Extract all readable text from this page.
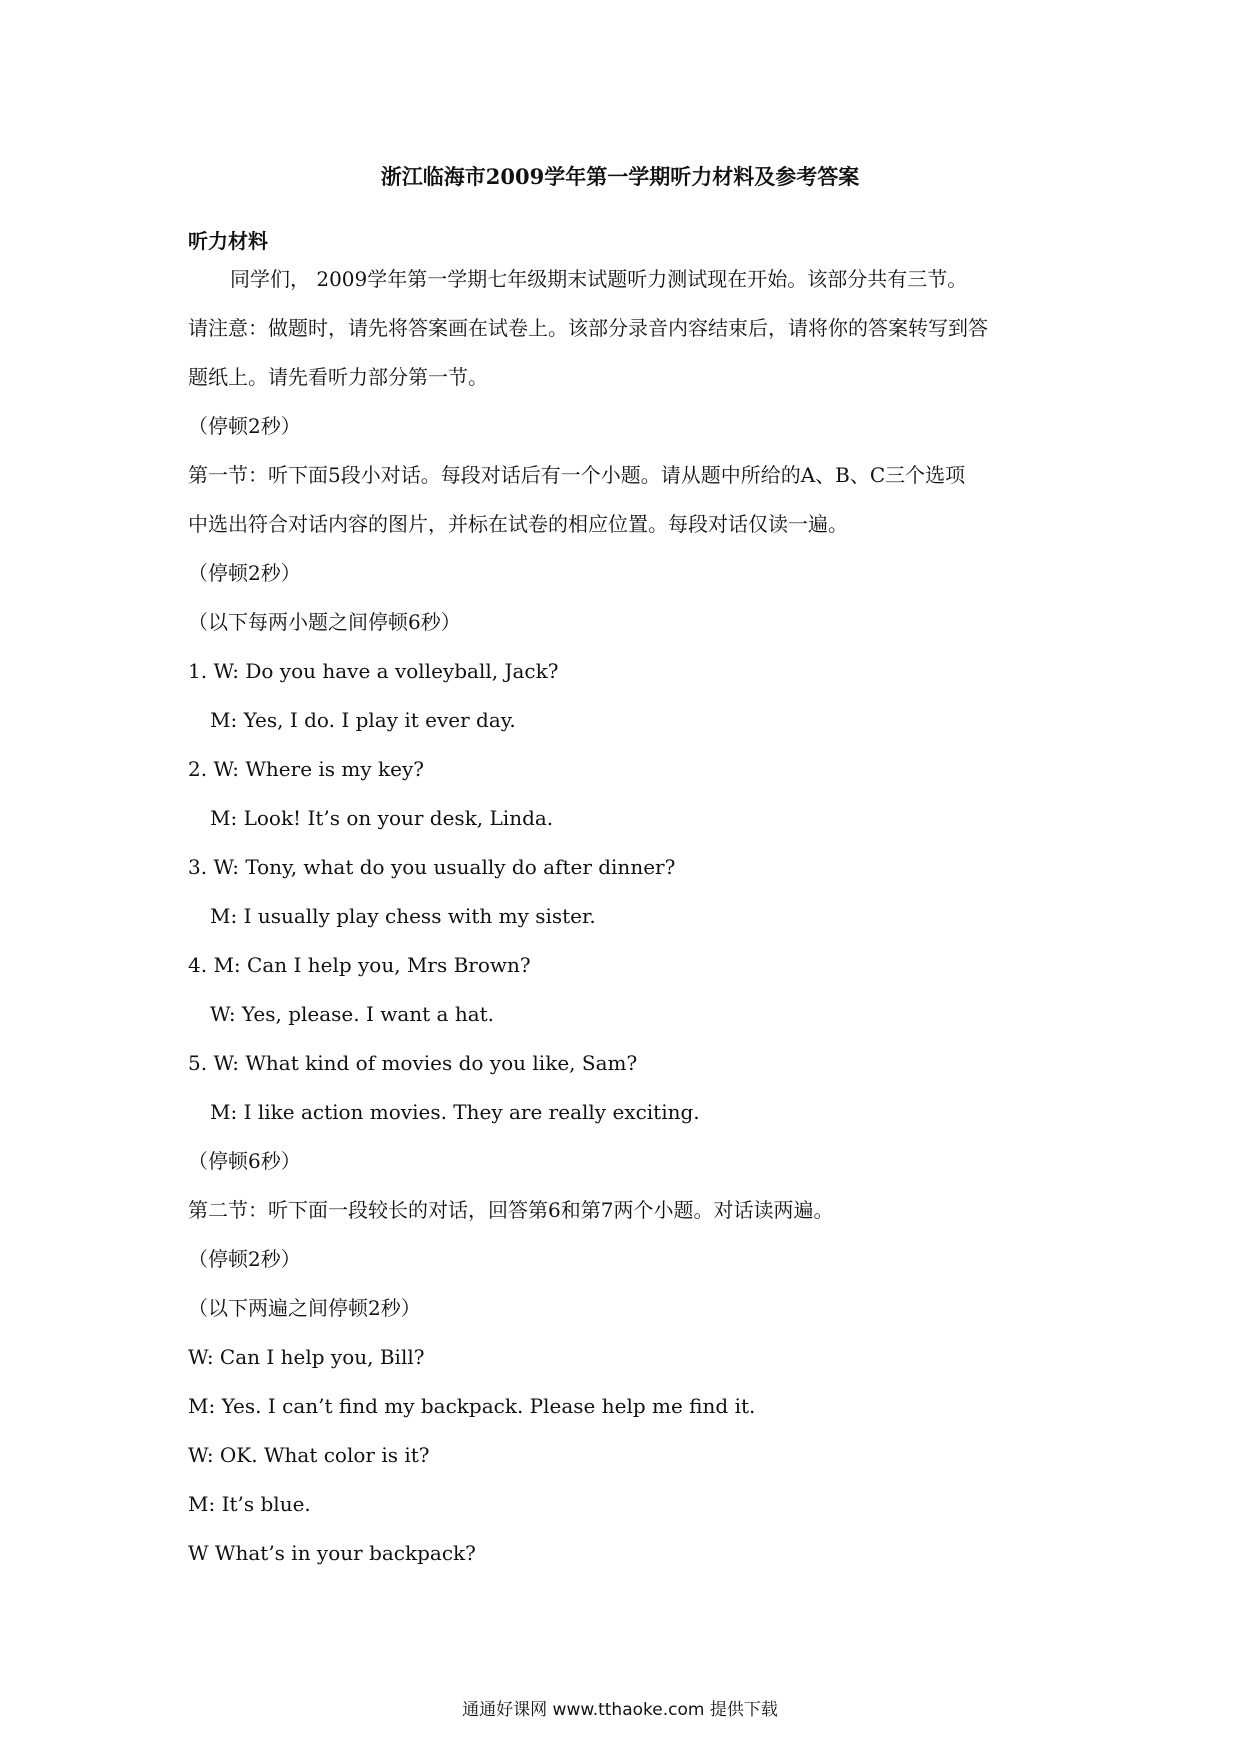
浙江临海市2009学年第一学期听力材料及参考答案
听力材料
同学们， 2009学年第一学期七年级期末试题听力测试现在开始。该部分共有三节。
请注意：做题时，请先将答案画在试卷上。该部分录音内容结束后，请将你的答案转写到答
题纸上。请先看听力部分第一节。
（停顿2秒）
第一节：听下面5段小对话。每段对话后有一个小题。请从题中所给的A、B、C三个选项
中选出符合对话内容的图片，并标在试卷的相应位置。每段对话仅读一遍。
（停顿2秒）
（以下每两小题之间停顿6秒）
1. W: Do you have a volleyball, Jack?
M: Yes, I do. I play it ever day.
2. W: Where is my key?
M: Look! It’s on your desk, Linda.
3. W: Tony, what do you usually do after dinner?
M: I usually play chess with my sister.
4. M: Can I help you, Mrs Brown?
W: Yes, please. I want a hat.
5. W: What kind of movies do you like, Sam?
M: I like action movies. They are really exciting.
（停顿6秒）
第二节：听下面一段较长的对话，回答第6和第7两个小题。对话读两遍。
（停顿2秒）
（以下两遍之间停顿2秒）
W: Can I help you, Bill?
M: Yes. I can’t find my backpack. Please help me find it.
W: OK. What color is it?
M: It’s blue.
W What’s in your backpack?
通通好课网 www.tthaoke.com 提供下载
